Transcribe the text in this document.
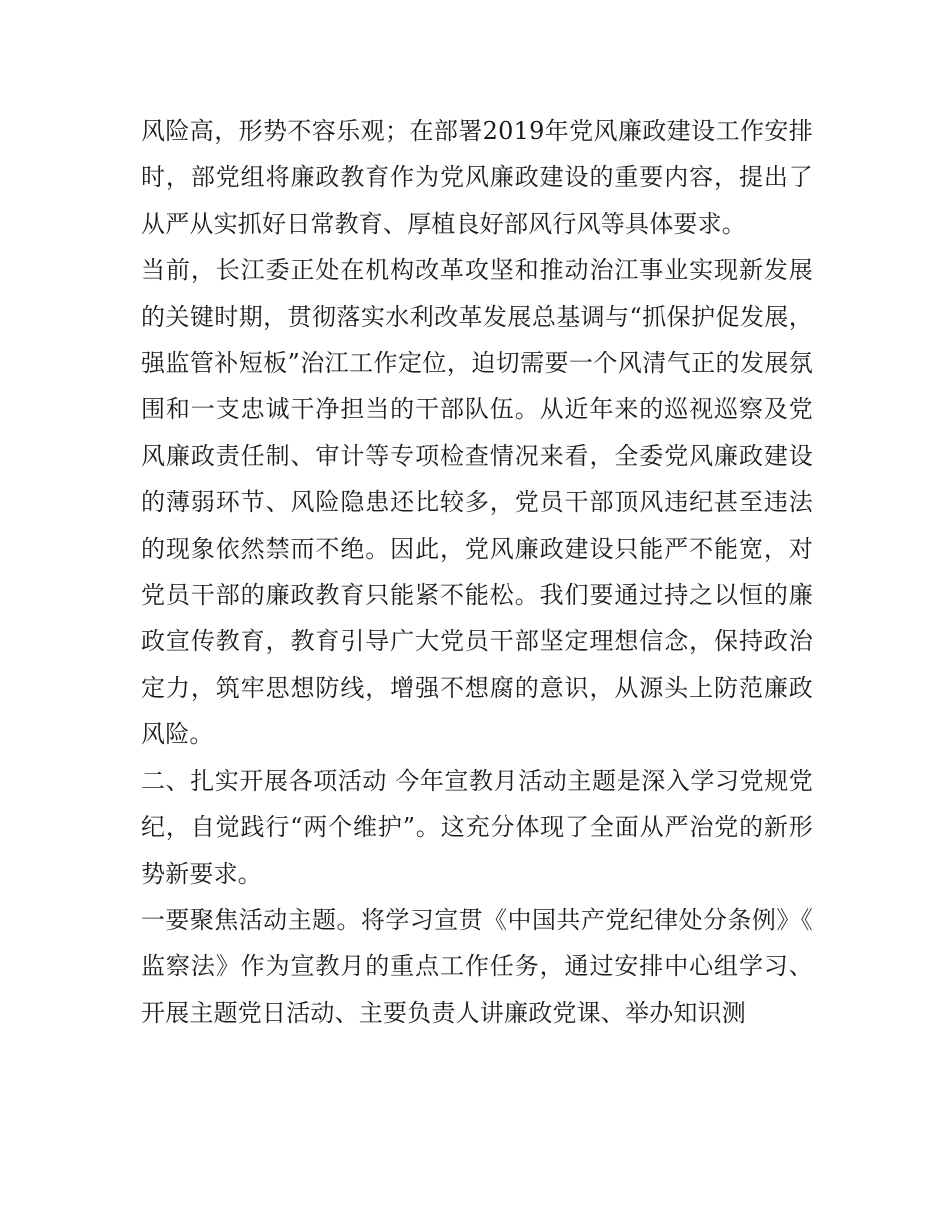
风险高，形势不容乐观；在部署2019年党风廉政建设工作安排时，部党组将廉政教育作为党风廉政建设的重要内容，提出了从严从实抓好日常教育、厚植良好部风行风等具体要求。

当前，长江委正处在机构改革攻坚和推动治江事业实现新发展的关键时期，贯彻落实水利改革发展总基调与“抓保护促发展，强监管补短板”治江工作定位，迫切需要一个风清气正的发展氛围和一支忠诚干净担当的干部队伍。从近年来的巡视巡察及党风廉政责任制、审计等专项检查情况来看，全委党风廉政建设的薄弱环节、风险隐患还比较多，党员干部顶风违纪甚至违法的现象依然禁而不绝。因此，党风廉政建设只能严不能宽，对党员干部的廉政教育只能紧不能松。我们要通过持之以恒的廉政宣传教育，教育引导广大党员干部坚定理想信念，保持政治定力，筑牢思想防线，增强不想腐的意识，从源头上防范廉政风险。

二、扎实开展各项活动 今年宣教月活动主题是深入学习党规党纪，自觉践行“两个维护”。这充分体现了全面从严治党的新形势新要求。

一要聚焦活动主题。将学习宣贯《中国共产党纪律处分条例》《监察法》作为宣教月的重点工作任务，通过安排中心组学习、开展主题党日活动、主要负责人讲廉政党课、举办知识测
